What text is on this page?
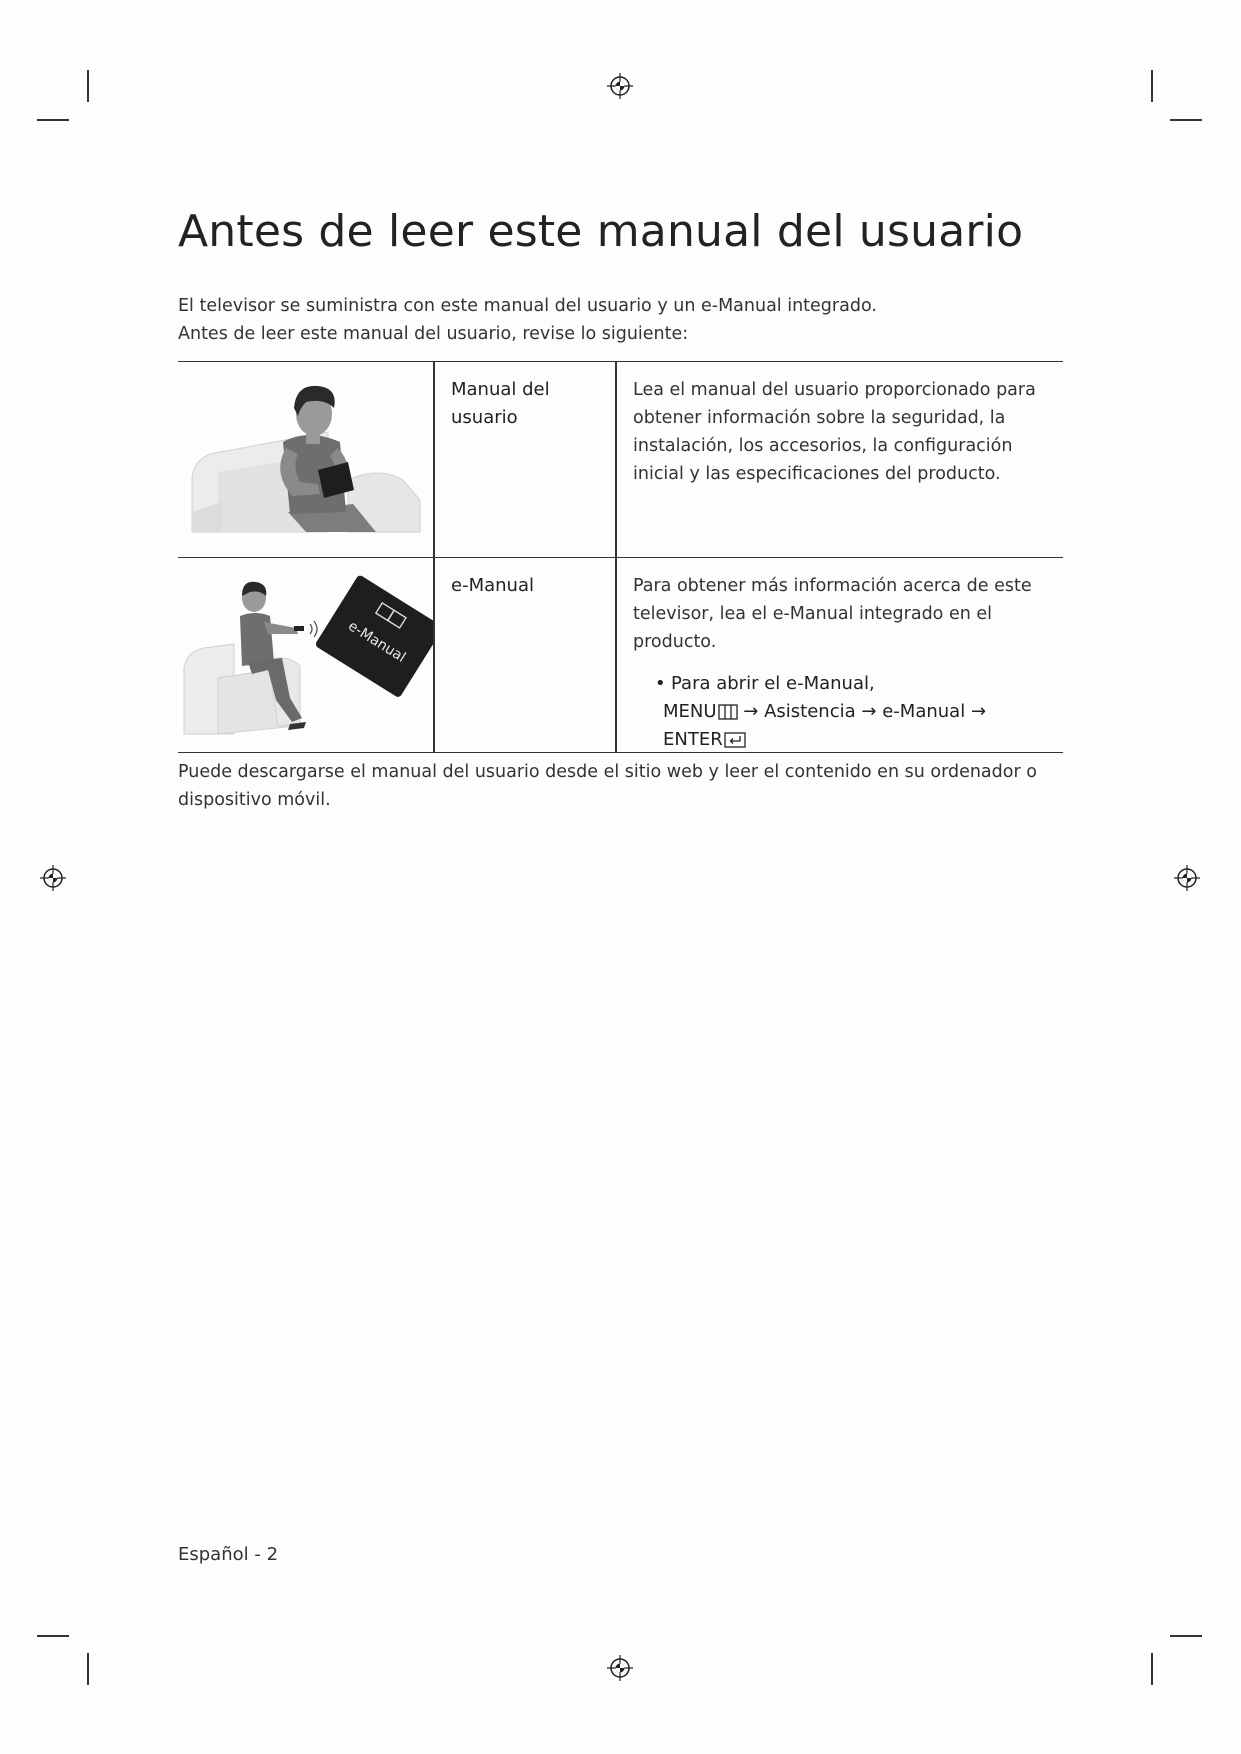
Antes de leer este manual del usuario

El televisor se suministra con este manual del usuario y un e-Manual integrado.

Antes de leer este manual del usuario, revise lo siguiente:

Manual del usuario

Lea el manual del usuario proporcionado para obtener información sobre la seguridad, la instalación, los accesorios, la configuración inicial y las especificaciones del producto.

e-Manual
e-Manual	Para obtener más información acerca de este televisor, lea el e-Manual integrado en el producto.

• Para abrir el e-Manual,
MENU → Asistencia → e-Manual →
ENTER

Puede descargarse el manual del usuario desde el sitio web y leer el contenido en su ordenador o dispositivo móvil.

Español - 2
